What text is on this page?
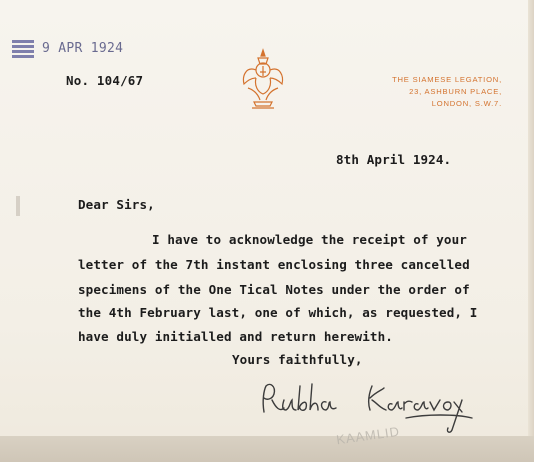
9 APR 1924
No. 104/67	THE SIAMESE LEGATION,
23, ASHBURN PLACE,
LONDON, S.W.7.
8th April 1924.
Dear Sirs,
I have to acknowledge the receipt of your
letter of the 7th instant enclosing three cancelled
specimens of the One Tical Notes under the order of
the 4th February last, one of which, as requested, I
have duly initialled and return herewith.
Yours faithfully,
KAAMLID
